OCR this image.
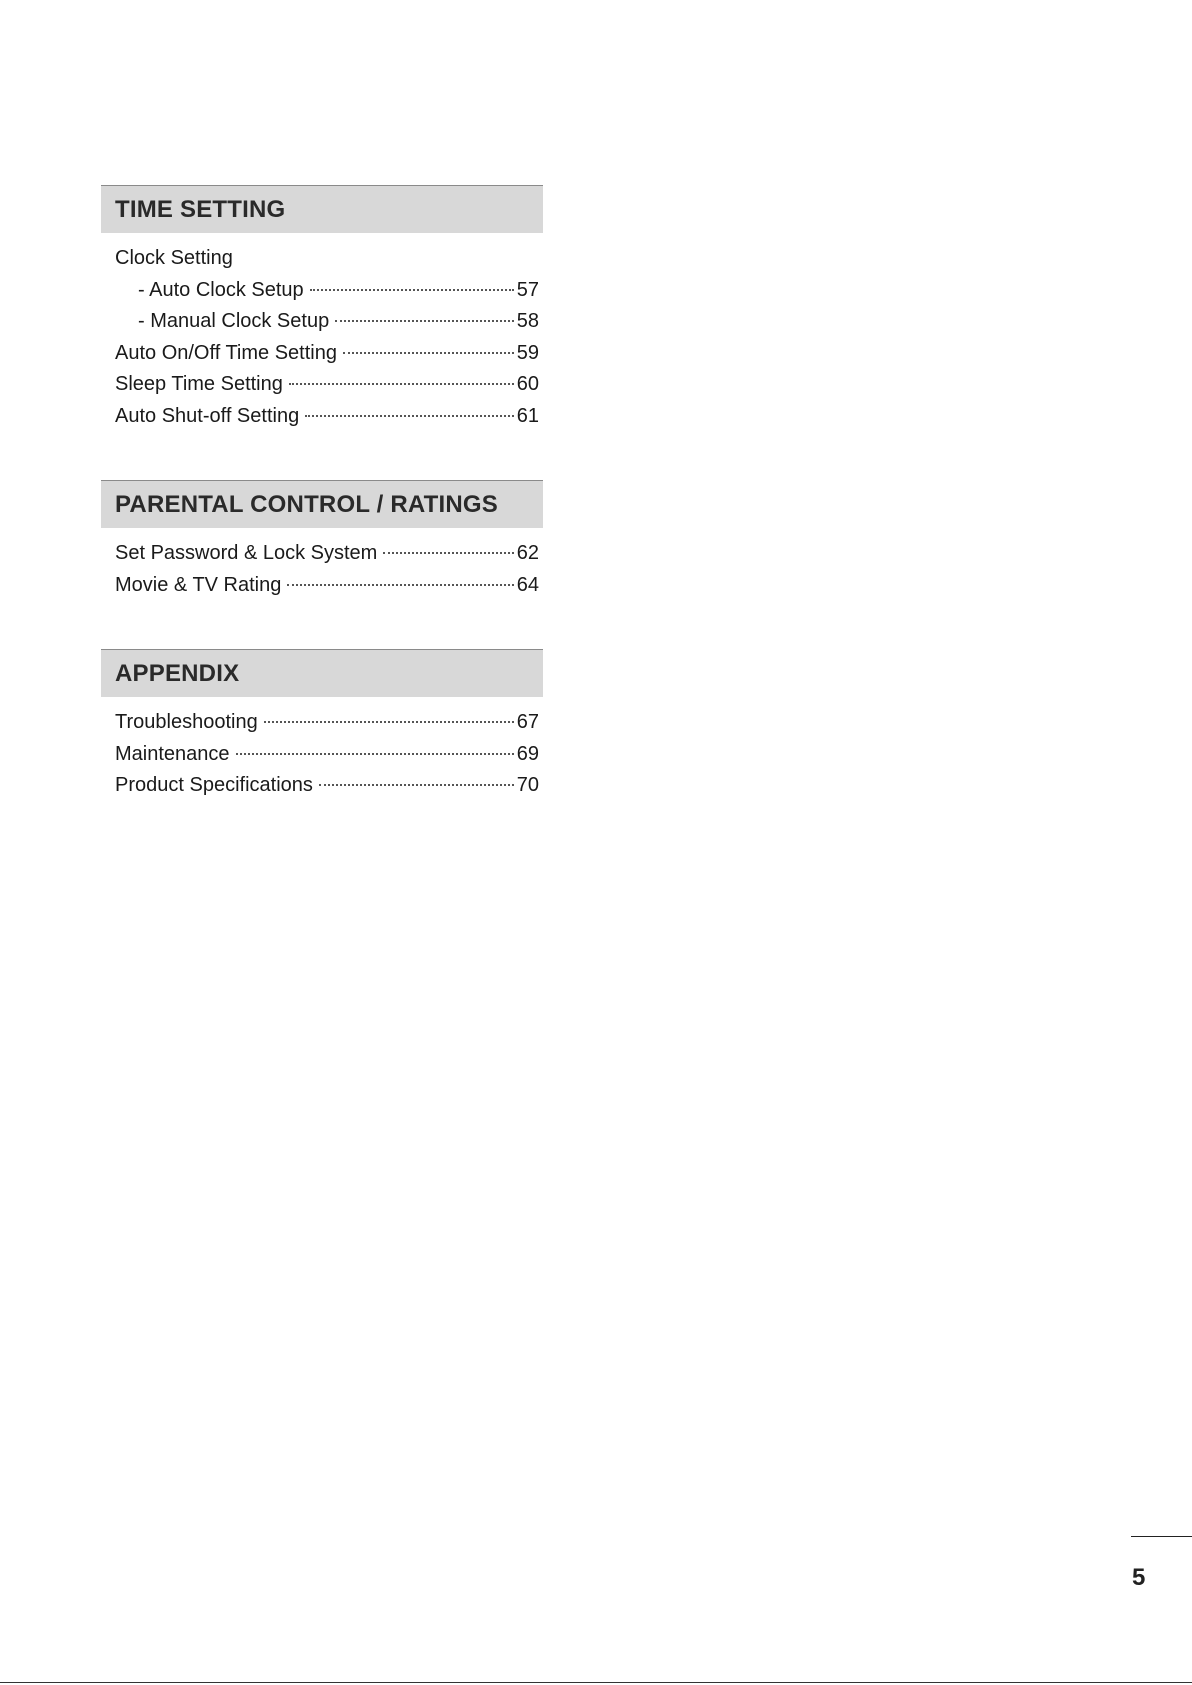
TIME SETTING
Clock Setting
- Auto Clock Setup	57
- Manual Clock Setup	58
Auto On/Off Time Setting	59
Sleep Time Setting	60
Auto Shut-off Setting	61
PARENTAL CONTROL / RATINGS
Set Password & Lock System	62
Movie & TV Rating	64
APPENDIX
Troubleshooting	67
Maintenance	69
Product Specifications	70
5
